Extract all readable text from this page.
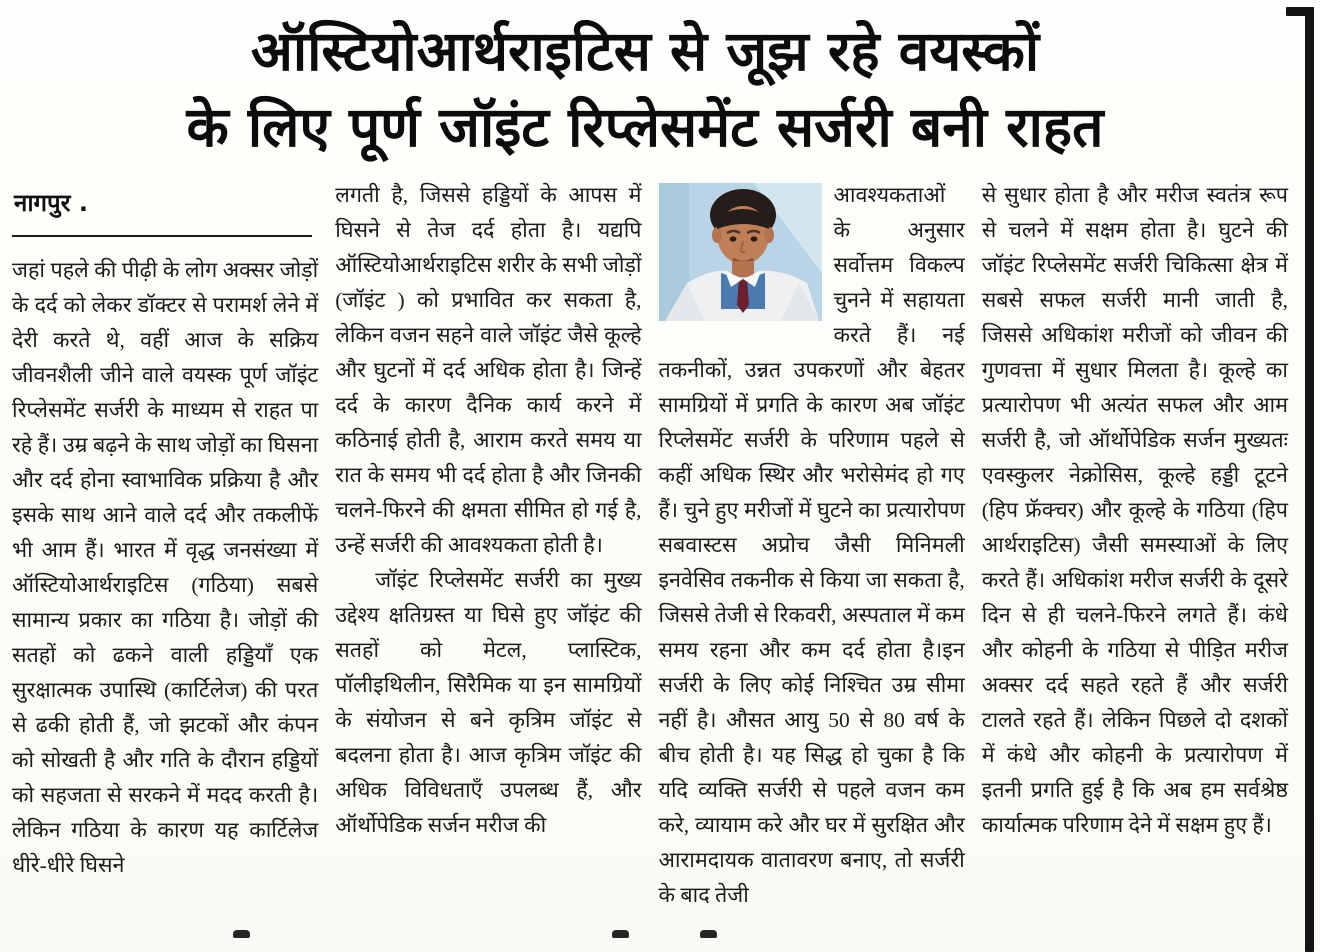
ऑस्टियोआर्थराइटिस से जूझ रहे वयस्कों
के लिए पूर्ण जॉइंट रिप्लेसमेंट सर्जरी बनी राहत
नागपुर .

जहां पहले की पीढ़ी के लोग अक्सर जोड़ों के दर्द को लेकर डॉक्टर से परामर्श लेने में देरी करते थे, वहीं आज के सक्रिय जीवनशैली जीने वाले वयस्क पूर्ण जॉइंट रिप्लेसमेंट सर्जरी के माध्यम से राहत पा रहे हैं। उम्र बढ़ने के साथ जोड़ों का घिसना और दर्द होना स्वाभाविक प्रक्रिया है और इसके साथ आने वाले दर्द और तकलीफें भी आम हैं। भारत में वृद्ध जनसंख्या में ऑस्टियोआर्थराइटिस (गठिया) सबसे सामान्य प्रकार का गठिया है। जोड़ों की सतहों को ढकने वाली हड्डियाँ एक सुरक्षात्मक उपास्थि (कार्टिलेज) की परत से ढकी होती हैं, जो झटकों और कंपन को सोखती है और गति के दौरान हड्डियों को सहजता से सरकने में मदद करती है। लेकिन गठिया के कारण यह कार्टिलेज धीरे-धीरे घिसने

लगती है, जिससे हड्डियों के आपस में घिसने से तेज दर्द होता है। यद्यपि ऑस्टियोआर्थराइटिस शरीर के सभी जोड़ों (जॉइंट ) को प्रभावित कर सकता है, लेकिन वजन सहने वाले जॉइंट जैसे कूल्हे और घुटनों में दर्द अधिक होता है। जिन्हें दर्द के कारण दैनिक कार्य करने में कठिनाई होती है, आराम करते समय या रात के समय भी दर्द होता है और जिनकी चलने-फिरने की क्षमता सीमित हो गई है, उन्हें सर्जरी की आवश्यकता होती है।

जॉइंट रिप्लेसमेंट सर्जरी का मुख्य उद्देश्य क्षतिग्रस्त या घिसे हुए जॉइंट की सतहों को मेटल, प्लास्टिक, पॉलीइथिलीन, सिरैमिक या इन सामग्रियों के संयोजन से बने कृत्रिम जॉइंट से बदलना होता है। आज कृत्रिम जॉइंट की अधिक विविधताएँ उपलब्ध हैं, और ऑर्थोपेडिक सर्जन मरीज की

आवश्यकताओं के अनुसार सर्वोत्तम विकल्प चुनने में सहायता करते हैं। नई तकनीकों, उन्नत उपकरणों और बेहतर सामग्रियों में प्रगति के कारण अब जॉइंट रिप्लेसमेंट सर्जरी के परिणाम पहले से कहीं अधिक स्थिर और भरोसेमंद हो गए हैं। चुने हुए मरीजों में घुटने का प्रत्यारोपण सबवास्टस अप्रोच जैसी मिनिमली इनवेसिव तकनीक से किया जा सकता है, जिससे तेजी से रिकवरी, अस्पताल में कम समय रहना और कम दर्द होता है।इन सर्जरी के लिए कोई निश्चित उम्र सीमा नहीं है। औसत आयु 50 से 80 वर्ष के बीच होती है। यह सिद्ध हो चुका है कि यदि व्यक्ति सर्जरी से पहले वजन कम करे, व्यायाम करे और घर में सुरक्षित और आरामदायक वातावरण बनाए, तो सर्जरी के बाद तेजी

से सुधार होता है और मरीज स्वतंत्र रूप से चलने में सक्षम होता है। घुटने की जॉइंट रिप्लेसमेंट सर्जरी चिकित्सा क्षेत्र में सबसे सफल सर्जरी मानी जाती है, जिससे अधिकांश मरीजों को जीवन की गुणवत्ता में सुधार मिलता है। कूल्हे का प्रत्यारोपण भी अत्यंत सफल और आम सर्जरी है, जो ऑर्थोपेडिक सर्जन मुख्यतः एवस्कुलर नेक्रोसिस, कूल्हे हड्डी टूटने (हिप फ्रॅक्चर) और कूल्हे के गठिया (हिप आर्थराइटिस) जैसी समस्याओं के लिए करते हैं। अधिकांश मरीज सर्जरी के दूसरे दिन से ही चलने-फिरने लगते हैं। कंधे और कोहनी के गठिया से पीड़ित मरीज अक्सर दर्द सहते रहते हैं और सर्जरी टालते रहते हैं। लेकिन पिछले दो दशकों में कंधे और कोहनी के प्रत्यारोपण में इतनी प्रगति हुई है कि अब हम सर्वश्रेष्ठ कार्यात्मक परिणाम देने में सक्षम हुए हैं।
